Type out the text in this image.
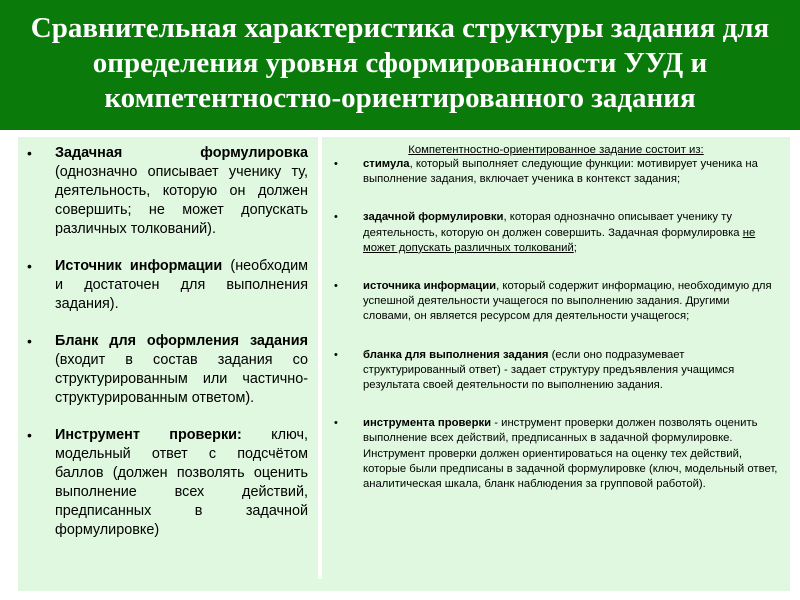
Сравнительная характеристика структуры задания для определения уровня сформированности УУД и компетентностно-ориентированного задания
• Задачная формулировка (однозначно описывает ученику ту, деятельность, которую он должен совершить; не может допускать различных толкований).
• Источник информации (необходим и достаточен для выполнения задания).
• Бланк для оформления задания (входит в состав задания со структурированным или частично-структурированным ответом).
• Инструмент проверки: ключ, модельный ответ с подсчётом баллов (должен позволять оценить выполнение всех действий, предписанных в задачной формулировке)
Компетентностно-ориентированное задание состоит из:
• стимула, который выполняет следующие функции: мотивирует ученика на выполнение задания, включает ученика в контекст задания;
• задачной формулировки, которая однозначно описывает ученику ту деятельность, которую он должен совершить. Задачная формулировка не может допускать различных толкований;
• источника информации, который содержит информацию, необходимую для успешной деятельности учащегося по выполнению задания. Другими словами, он является ресурсом для деятельности учащегося;
• бланка для выполнения задания (если оно подразумевает структурированный ответ) - задает структуру предъявления учащимся результата своей деятельности по выполнению задания.
• инструмента проверки - инструмент проверки должен позволять оценить выполнение всех действий, предписанных в задачной формулировке. Инструмент проверки должен ориентироваться на оценку тех действий, которые были предписаны в задачной формулировке (ключ, модельный ответ, аналитическая шкала, бланк наблюдения за групповой работой).
